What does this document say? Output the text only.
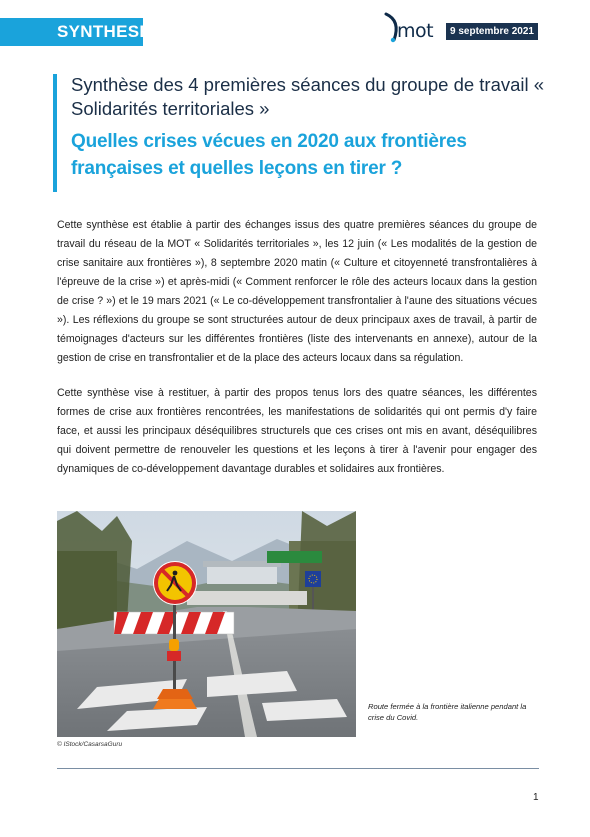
SYNTHESE	mot	9 septembre 2021
Synthèse des 4 premières séances du groupe de travail « Solidarités territoriales »
Quelles crises vécues en 2020 aux frontières françaises et quelles leçons en tirer ?

Cette synthèse est établie à partir des échanges issus des quatre premières séances du groupe de travail du réseau de la MOT « Solidarités territoriales », les 12 juin (« Les modalités de la gestion de crise sanitaire aux frontières »), 8 septembre 2020 matin (« Culture et citoyenneté transfrontalières à l'épreuve de la crise ») et après-midi (« Comment renforcer le rôle des acteurs locaux dans la gestion de crise ? ») et le 19 mars 2021 (« Le co-développement transfrontalier à l'aune des situations vécues »). Les réflexions du groupe se sont structurées autour de deux principaux axes de travail, à partir de témoignages d'acteurs sur les différentes frontières (liste des intervenants en annexe), autour de la gestion de crise en transfrontalier et de la place des acteurs locaux dans sa régulation.

Cette synthèse vise à restituer, à partir des propos tenus lors des quatre séances, les différentes formes de crise aux frontières rencontrées, les manifestations de solidarités qui ont permis d'y faire face, et aussi les principaux déséquilibres structurels que ces crises ont mis en avant, déséquilibres qui doivent permettre de renouveler les questions et les leçons à tirer à l'avenir pour engager des dynamiques de co-développement davantage durables et solidaires aux frontières.

Route fermée à la frontière italienne pendant la crise du Covid.
© IStock/CasarsaGuru
1
